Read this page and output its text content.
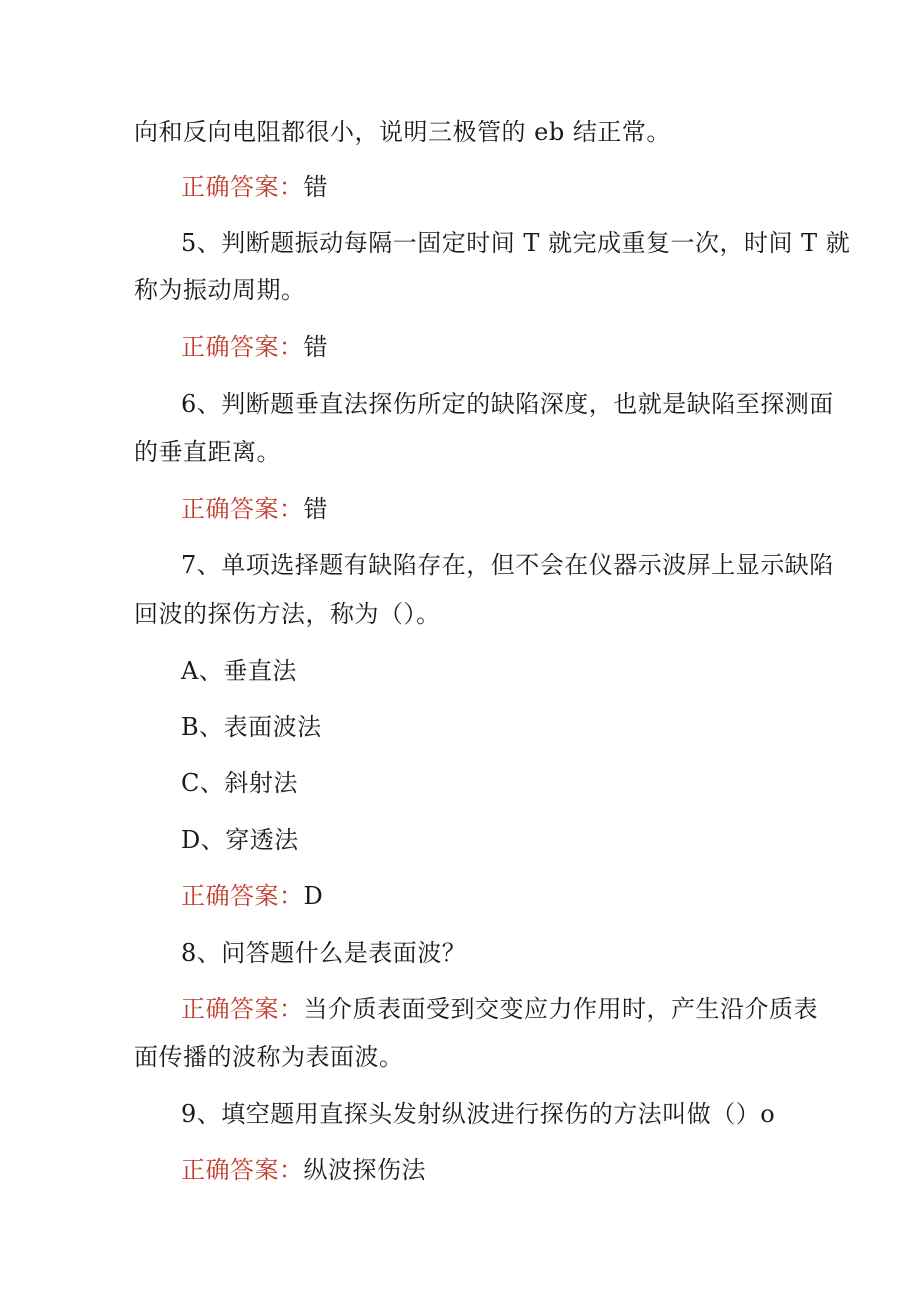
向和反向电阻都很小，说明三极管的 eb 结正常。
正确答案：错
5、判断题振动每隔一固定时间 T 就完成重复一次，时间 T 就
称为振动周期。
正确答案：错
6、判断题垂直法探伤所定的缺陷深度，也就是缺陷至探测面
的垂直距离。
正确答案：错
7、单项选择题有缺陷存在，但不会在仪器示波屏上显示缺陷
回波的探伤方法，称为（）。
A、垂直法
B、表面波法
C、斜射法
D、穿透法
正确答案：D
8、问答题什么是表面波？
正确答案：当介质表面受到交变应力作用时，产生沿介质表
面传播的波称为表面波。
9、填空题用直探头发射纵波进行探伤的方法叫做（）o
正确答案：纵波探伤法
